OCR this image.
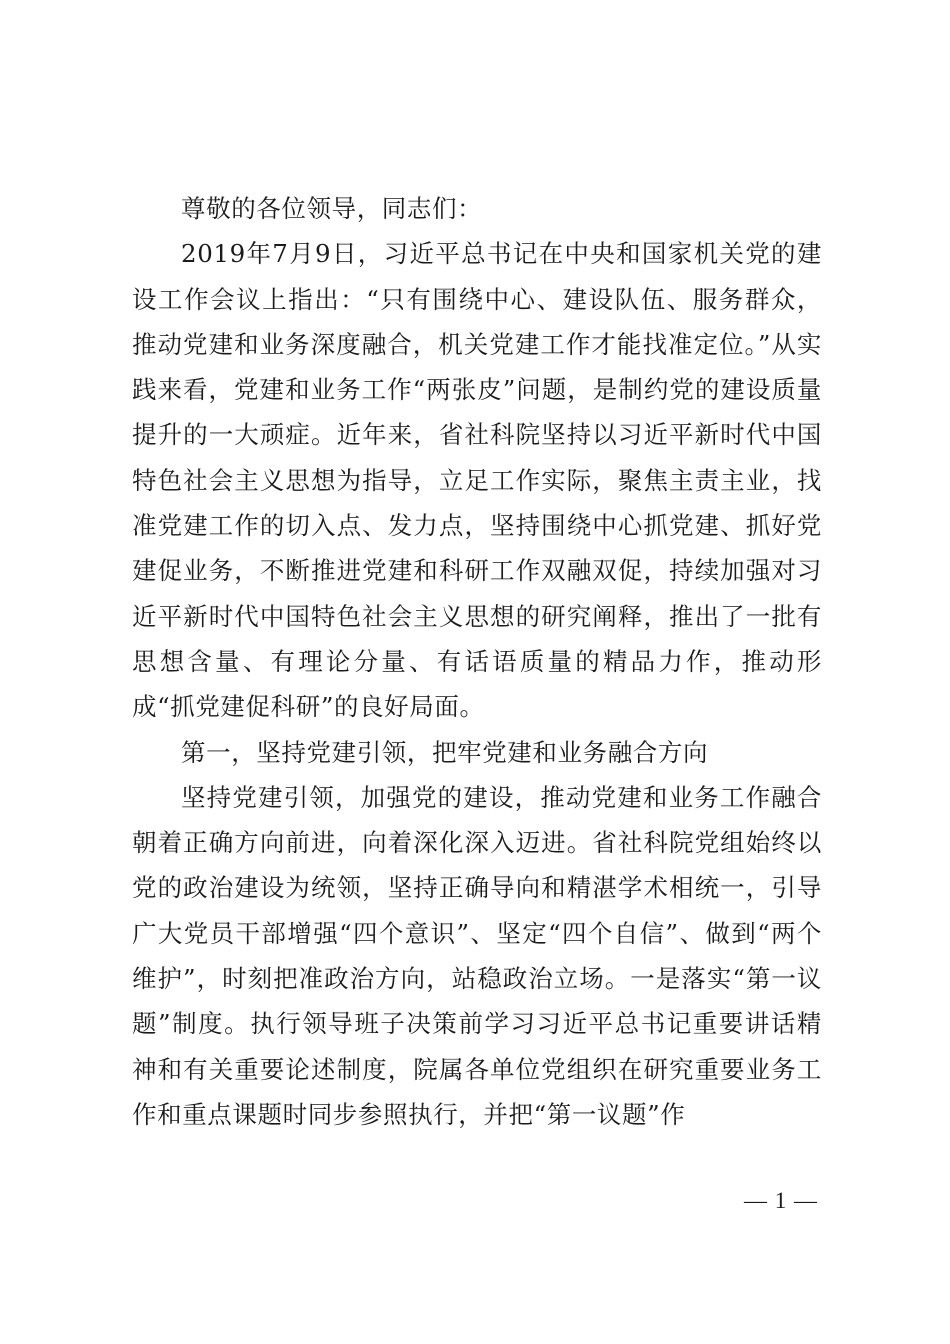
尊敬的各位领导，同志们：

2019年7月9日，习近平总书记在中央和国家机关党的建设工作会议上指出：“只有围绕中心、建设队伍、服务群众，推动党建和业务深度融合，机关党建工作才能找准定位。”从实践来看，党建和业务工作“两张皮”问题，是制约党的建设质量提升的一大顽症。近年来，省社科院坚持以习近平新时代中国特色社会主义思想为指导，立足工作实际，聚焦主责主业，找准党建工作的切入点、发力点，坚持围绕中心抓党建、抓好党建促业务，不断推进党建和科研工作双融双促，持续加强对习近平新时代中国特色社会主义思想的研究阐释，推出了一批有思想含量、有理论分量、有话语质量的精品力作，推动形成“抓党建促科研”的良好局面。

第一，坚持党建引领，把牢党建和业务融合方向

坚持党建引领，加强党的建设，推动党建和业务工作融合朝着正确方向前进，向着深化深入迈进。省社科院党组始终以党的政治建设为统领，坚持正确导向和精湛学术相统一，引导广大党员干部增强“四个意识”、坚定“四个自信”、做到“两个维护”，时刻把准政治方向，站稳政治立场。一是落实“第一议题”制度。执行领导班子决策前学习习近平总书记重要讲话精神和有关重要论述制度，院属各单位党组织在研究重要业务工作和重点课题时同步参照执行，并把“第一议题”作

— 1 —
